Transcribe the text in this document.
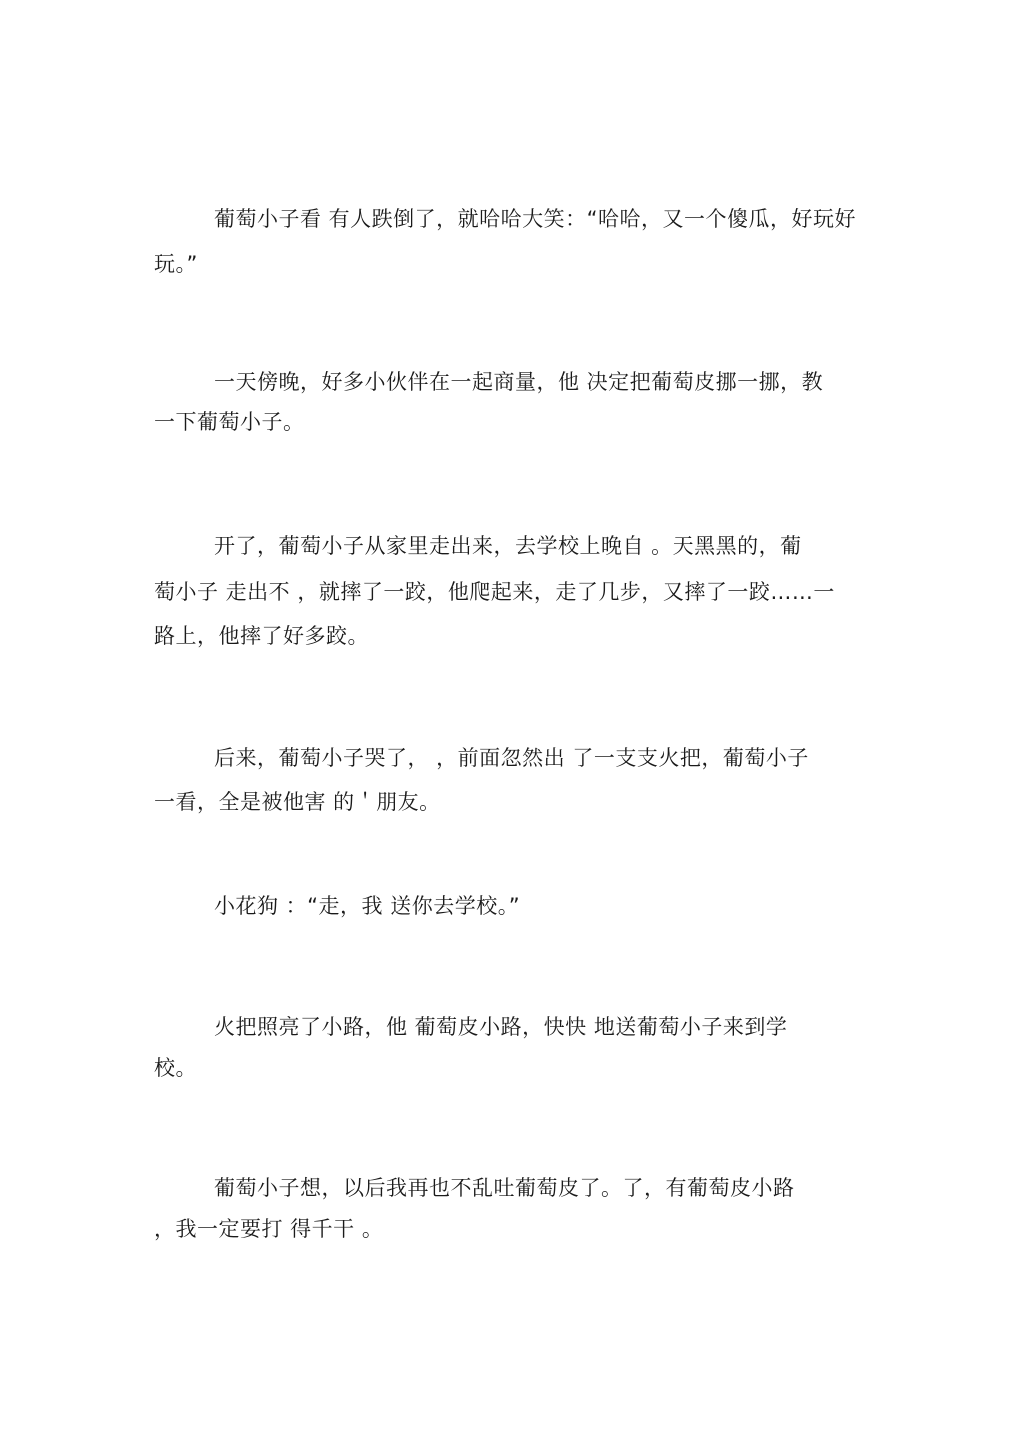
葡萄小子看 有人跌倒了，就哈哈大笑：“哈哈，又一个傻瓜，好玩好
玩。”
一天傍晚，好多小伙伴在一起商量，他 决定把葡萄皮挪一挪，教
一下葡萄小子。
开了，葡萄小子从家里走出来，去学校上晚自 。天黑黑的，葡
萄小子 走出不 ，就摔了一跤，他爬起来，走了几步，又摔了一跤……一
路上，他摔了好多跤。
后来，葡萄小子哭了， ，前面忽然出 了一支支火把，葡萄小子
一看，全是被他害 的＇朋友。
小花狗 ：“走，我 送你去学校。”
火把照亮了小路，他 葡萄皮小路，快快 地送葡萄小子来到学
校。
葡萄小子想，以后我再也不乱吐葡萄皮了。了，有葡萄皮小路
，我一定要打 得千干 。
